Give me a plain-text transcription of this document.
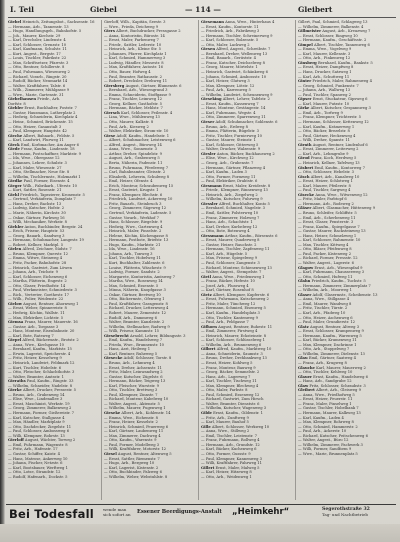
I. Teil	Giebel	— 114 —	Gleibert
Giebel Heinrich, Zeitungsbot., Sachsenstr. 16
— Hermann, Arb., Tannenstr. 13
— Hugo, Handlungsgeh., Bahnhofstr. 5
— Joh., Maurer, Kirchstr. 29
— Karl, Drechsler, Lindenstr. 4
— Karl, Schlosser, Grenzstr. 10
— Karl, Kaufmann, Schulstr. 11
— Kurt, Angest., Bergstr. 17
— Louis, Tischler, Fabrikstr. 22
— Max, Schriftsetzer, Pfarrstr. 3
— Otto, Rentner, Schillerstr. 8
— Paul, Fuhrmann, Wiesenweg 2
— Richard, Vorarb., Ringstr. 20
— Rudolf, Bäcker, Neumarkt 14
— Walter, Kraftfahrer, Talstr. 6
— Wilh., Zimmerer, Mühlgasse 9
— Wwe., Marie, Gartenstr. 31
Giebelhausen Friedr., Arb.
Dorfstr. 8
Giebler Ernst, Buchhalter, Poststr. 7
— Gustav, Hausmann, Lutherplatz 2
— Hedwig, Schneiderin, Kirchplatz 4
— Heinr., Schmied, Brückenstr. 15
— Otto, Heizer, Gasanstalt 3
— Paul, Klempner, Hauptstr. 42
Gieche Albert, Bahnarb., Feldstr. 5
— Karl, Landwirt, Flurweg 11
Gieck Emil, Korbmacher, Am Anger 6
Giede Franz, Kaufm., Lindenstr. 18
— Hermann, Postschaffner, Marktstr. 9
— Ida, Wwe., Obergasse 12
— Johannes, Lehrer, Schulstr. 3
— Karl, Maler, Wiesenstr. 27
— Otto, Stellmacher, Neue Str. 8
— Wilhelm, Tischlermstr., Holzmarkt 1
Giedke Paul, Former, Eisenstr. 4
Gieger Wilh., Fabrikarb., Uferstr. 10
— Kurt, Sattler, Rosenstr. 21
Giehl Friedrich, Tapezierer, Kronenstr. 5
— Gertrud, Verkäuferin, Domplatz 7
— Hans, Dreher, Bachstr. 13
— Ludwig, Kutscher, Hofstr. 2
— Marie, Näherin, Kirchstr. 30
— Oskar, Gärtner, Parkweg 16
— Willi, Mechaniker, Werkstr. 8
Giehler Anton, Buchbinder, Bergstr. 24
— Erich, Friseur, Hauptstr. 53
— Georg, Bauarb., Sandweg 3
— Hermann, Schuhmacher, Langestr. 19
— Robert, Kellner, Marktpl. 5
Gielen Alfred, Zeichner, Südstr. 7
— Bruno, Klempner, Querstr. 12
— Emma, Witwe, Steinweg 4
— Fritz, Packer, Bahnhofstr. 28
— Heinrich, Gastwirt, Zum Löwen
— Johann, Arb., Teichstr. 9
— Karl, Schlosser, Eichenweg 6
— Martha, Plätterin, Engestr. 2
— Otto, Glaser, Friedhofstr. 14
— Paul, Werkmeister, Schmiedestr. 3
— Rich., Vertreter, Goethestr. 17
— Wilh., Polier, Weidenstr. 22
Gielow August, Rentner, Ahornweg 1
— Ernst, Weber, Spinnereistr. 8
— Hedwig, Köchin, Wallstr. 11
— Max, Elektriker, Lichtstr. 5
Giemsa Franz, Maurer, Mauerstr. 16
— Gustav, Arb., Torgasse 3
— Hans, Monteur, Eisenbahnstr. 20
— Karl, Bote, Ratsweg 7
Giepel Alfred, Bäckermstr., Brotstr. 2
— Anna, Wwe., Kirchgasse 10
— Bernhard, Kaufm., Marktstr. 15
— Erwin, Lagerist, Speicherstr. 4
— Fritz, Heizer, Kesselweg 9
— Heinrich, Landwirt, Feldmark 12
— Kurt, Tischler, Hobelstr. 6
— Otto, Fleischer, Schlachthofstr. 3
— Walter, Beamter, Amtsstr. 1
Gieraths Paul, Kaufm., Ringstr. 33
— Wilhelm, Schneider, Nadelstr. 8
Gierke Albert, Drucker, Pressestr. 5
— Bruno, Arb., Grubenweg 14
— Elise, Wwe., Lindenallee 3
— Ernst, Maschinist, Werkstr. 19
— Georg, Zimmerer, Balkenweg 2
— Hermann, Former, Gießereistr. 7
— Karl, Kutscher, Stallgasse 4
— Max, Händler, Marktplatz 9
— Otto, Dachdecker, Ziegelstr. 11
— Paul, Schlosser, Ambossweg 6
— Willi, Klempner, Rohrstr. 13
Gierloff August, Wächter, Torweg 2
— Emil, Fuhrmann, Wagenstr. 8
— Fritz, Arb., Hafenstr. 17
— Gustav, Schiffer, Kaistr. 4
— Hans, Matrose, Ankerweg 10
— Johann, Fischer, Netzstr. 6
— Karl, Bootsbauer, Werftweg 1
— Otto, Lotse, Strandstr. 12
— Rudolf, Hafenarb., Dockstr. 5
Gierloff, Wilh., Kapitän, Seestr. 3
— Wwe., Frieda, Deichweg 9
Giers Albert, Buchdrucker, Pressgasse 2
— Anna, Kontoristin, Bürostr. 14
— Ernst, Maler, Farbenweg 7
— Friedr., Sattler, Lederstr. 10
— Heinrich, Arb., Kleine Str. 5
— Johannes, Pfarrer, Kirchplatz 1
— Karl, Schmied, Hammerweg 3
— Ludwig, Händler, Messestr. 8
— Max, Kraftfahrer, Autostr. 16
— Otto, Bauer, Hofweg 4
— Paul, Beamter, Rathausstr. 2
— Robert, Drechsler, Drehweg 11
Giersberg August, Gärtner, Blumenstr. 6
— Bernhard, Arb., Wiesengrund 3
— Emma, Schneiderin, Stoffgasse 9
— Franz, Tischler, Leimweg 12
— Georg, Kellner, Gasthofstr. 5
— Hermann, Bäcker, Mehlstr. 7
Giersch Karl, Schlosser, Feilenstr. 4
— Lina, Wwe., Mühlenweg 13
— Otto, Maurer, Kalkstr. 8
— Paul, Arb., Kiesweg 2
— Walter, Elektriker, Strom-str. 10
Giese Adolf, Kaufm., Handelsstr. 1
— Albert, Schuhmacher, Leistenweg 6
— Alfred, Angest., Büroweg 14
— Anna, Wwe., Sonnenstr. 3
— Arthur, Dreher, Spindelstr. 9
— August, Arb., Grabenweg 5
— Berta, Näherin, Fadenstr. 11
— Bruno, Fuhrmann, Pferdeweg 7
— Carl, Bahnbeamter, Gleisstr. 2
— Elisabeth, Lehrerin, Schulweg 8
— Emil, Heizer, Ofenstr. 4
— Erich, Monteur, Schraubenweg 15
— Ernst, Gastwirt, Krugstr. 1
— Franz, Klempner, Blechstr. 6
— Friedrich, Landwirt, Ackerweg 10
— Fritz, Bauarb., Steinbruch 3
— Georg, Zimmerer, Sägeweg 12
— Gertrud, Verkäuferin, Ladenstr. 5
— Gustav, Vorarb., Werkhof 7
— Hans, Schlosser, Riegelstr. 9
— Hedwig, Wwe., Gartenweg 4
— Heinrich, Maler, Pinselstr. 2
— Helene, Köchin, Küchengasse 8
— Hermann, Postbote, Briefstr. 13
— Hugo, Kaufm., Marktstr. 21
— Ida, Wwe., Lindenstr. 16
— Johann, Arb., Tonweg 3
— Karl, Tischler, Hobelweg 11
— Kurt, Buchhalter, Zahlenstr. 6
— Louise, Plätterin, Wäschestr. 9
— Ludwig, Former, Sandstr. 2
— Margarete, Kontoristin, Amtsweg 7
— Martha, Wwe., Rosenweg 14
— Max, Schmied, Essenstr. 5
— Minna, Näherin, Knopfgasse 3
— Oskar, Gärtner, Beetweg 10
— Otto, Bäckermstr., Ofenweg 1
— Paul, Kraftfahrer, Garagenstr. 8
— Richard, Drucker, Letternweg 4
— Robert, Maurer, Zementstr. 12
— Rudolf, Arb., Dammweg 6
— Walter, Beamter, Kanzleistr. 2
— Wilhelm, Stellmacher, Radweg 9
— Willi, Friseur, Kammstr. 15
Giesebrecht Arnold, Lehrer, Bildungsstr. 3
— Emil, Kaufm., Handelsweg 7
— Frieda, Wwe., Brunnenstr. 10
— Hans, Arzt, Heilweg 1
— Karl, Rentner, Ruheweg 5
Giesecke Adolf, Schlosser, Torstr. 8
— Bruno, Arb., Lehmweg 4
— Ernst, Dreher, Achsenstr. 11
— Fritz, Maler, Leinwandweg 2
— Gustav, Kutscher, Zügelstr. 6
— Hermann, Bäcker, Teigweg 13
— Karl, Fleischer, Wurststr. 9
— Otto, Tischler, Brettweg 3
— Paul, Klempner, Zinnstr. 7
— Richard, Monteur, Kabelweg 10
— Walter, Angest., Aktenstr. 5
— Wilhelm, Maurer, Fugenweg 1
Gieseke Albert, Arb., Kohlenstr. 14
— Emma, Wwe., Eichenstr. 8
— Franz, Heizer, Kesselstr. 2
— Heinrich, Schmied, Feuerweg 6
— Karl, Gärtner, Laubenweg 11
— Max, Zimmerer, Dachweg 4
— Otto, Kaufm., Warenstr. 9
— Paul, Former, Modellweg 3
— Willi, Kraftfahrer, Motorstr. 12
Giesel August, Rentner, Altenweg 5
— Ernst, Sattler, Riemenstr. 7
— Hugo, Arb., Bergweg 10
— Karl, Lagerist, Kistenstr. 2
— Otto, Buchbinder, Falzweg 6
— Wilhelm, Weber, Webstuhlstr. 8
Giesemann Anna, Wwe., Hinterhaus 4
— Ernst, Kaufm., Kontorstr. 11
— Friedrich, Arb., Fabrikweg 3
— Hermann, Tischler, Schreinerweg 9
— Karl, Schlosser, Bolzenstr. 5
— Otto, Maler, Lackweg 2
Giesen Alfred, Angest., Schreibstr. 7
— Bernhard, Dreher, Wellenweg 13
— Emil, Bauarb., Gerüststr. 4
— Franz, Kutscher, Deichselweg 8
— Georg, Maurer, Mörtelstr. 1
— Heinrich, Gastwirt, Schänkweg 6
— Johann, Schmied, Ambossstr. 10
— Karl, Heizer, Glutweg 3
— Max, Klempner, Lötstr. 12
— Paul, Arb., Karrenweg 5
— Wilhelm, Landwirt, Scheunenweg 9
Gieseking Albert, Lehrer, Tafelstr. 2
— Ernst, Kaufm., Kassenweg 7
— Hans, Monteur, Gestängestr. 14
— Karl, Fuhrmann, Wegstr. 4
— Otto, Zimmerer, Sparrenweg 11
Gieser Adolf, Schuhmacher, Sohlenstr. 6
— Bruno, Arb., Erdweg 8
— Emma, Plätterin, Bügelstr. 3
— Fritz, Tischler, Furnierweg 10
— Gustav, Maurer, Steinstr. 1
— Karl, Schlosser, Gitterweg 5
— Walter, Drucker, Walzenstr. 9
Giesler Anton, Bäcker, Backhausweg 2
— Elise, Wwe., Kirchweg 12
— Georg, Arb., Grubenstr. 7
— Hermann, Gärtner, Pflanzweg 4
— Karl, Kaufm., Laden 3
— Otto, Former, Formweg 11
— Paul, Elektriker, Drahtstr. 6
Giesmann Ernst, Maler, Kreidestr. 8
— Friedr., Klempner, Rinnenweg 13
— Heinrich, Arb., Ziegelweg 2
— Wilhelm, Kutscher, Fuhrweg 9
Giessler Alfred, Buchhalter, Konto 5
— Bernhard, Schmied, Nagelstr. 3
— Emil, Sattler, Polsterweg 10
— Franz, Zimmerer, Holzweg 7
— Hans, Arb., Schachtstr. 1
— Karl, Dreher, Kurbelweg 12
— Otto, Bote, Botenweg 4
Giessmann Arthur, Kaufm., Börsenstr. 6
— Ernst, Maurer, Quaderweg 8
— Gustav, Heizer, Rauchstr. 2
— Hermann, Tischler, Zapfenweg 11
— Karl, Arb., Hügelstr. 5
— Max, Friseur, Spiegelweg 9
— Paul, Schlosser, Zangenstr. 3
— Richard, Monteur, Schienenweg 13
— Walter, Angest., Stempelstr. 7
Gietl Anna, Wwe., Friedensweg 1
— Franz, Bäcker, Hefestr. 10
— Josef, Arb., Flussweg 4
— Karl, Gärtner, Rosenhof 8
Gietz Albert, Klempner, Kupferstr. 6
— Ernst, Fuhrmann, Kutschenweg 2
— Fritz, Maler, Tünchweg 12
— Hermann, Schmied, Eisenweg 5
— Karl, Kaufm., Handelsplatz 3
— Otto, Tischler, Kantenweg 9
— Paul, Arb., Feldgasse 7
Gifhorn August, Rentner, Ruhestr. 11
— Emil, Zimmerer, Firstweg 4
— Heinrich, Maurer, Ecksteinstr. 8
— Karl, Schlosser, Schlüsselweg 1
— Wilhelm, Arb., Brunnenweg 6
Gilbert Alfred, Kaufm., Marktweg 10
— Anna, Schneiderin, Saumstr. 3
— Bruno, Dreher, Drehbankweg 13
— Ernst, Heizer, Kohlweg 5
— Franz, Monteur, Bauweg 9
— Georg, Bäcker, Semmelstr. 2
— Hans, Arb., Lagerweg 7
— Karl, Tischler, Tischweg 11
— Max, Klempner, Blechweg 4
— Otto, Maler, Farbstr. 8
— Paul, Schmied, Essenweg 12
— Richard, Gastwirt, Zum Hirsch
— Walter, Beamter, Dienststr. 6
— Wilhelm, Kutscher, Wagenweg 3
Gilde Ernst, Kaufm., Gildenstr. 1
— Fritz, Arb., Zunftweg 9
— Karl, Maurer, Bauhof 5
Gille Albert, Schlosser, Werkweg 10
— Anna, Wwe., Stillweg 2
— Emil, Tischler, Leistenstr. 7
— Franz, Fuhrmann, Rollweg 4
— Hermann, Arb., Grundstr. 12
— Karl, Bäcker, Kuchenweg 6
— Otto, Former, Gussstr. 9
— Paul, Klempner, Kannenweg 3
— Willi, Kraftfahrer, Fahrweg 11
Gillert Ernst, Maler, Malweg 5
— Karl, Heizer, Hitzeweg 8
— Otto, Arb., Weidenweg 1
Gillert, Paul, Schmied, Schlagweg 13
— Wilhelm, Zimmerer, Balkenstr. 4
Gillmeister August, Arb., Kreuzweg 7
— Ernst, Schlosser, Ringweg 10
— Hermann, Kaufm., Geschäftsstr. 2
Gimpel Albert, Tischler, Tannenweg 6
— Emma, Wwe., Vogelweg 9
— Karl, Maurer, Kellenstr. 3
— Otto, Arb., Finkenweg 12
Ginsberg Bernhard, Kaufm., Bankstr. 5
— Ernst, Heizer, Dampfweg 8
— Hans, Drucker, Satzweg 1
— Karl, Arb., Schuttweg 11
Ginter Friedrich, Maler, Rahmenweg 4
— Georg, Schmied, Funkenstr. 7
— Johann, Arb., Wallweg 13
— Paul, Tischler, Spanweg 2
Gipser Ernst, Stuckateur, Gipsweg 6
— Karl, Maurer, Putzstr. 10
Girke Albert, Kutscher, Gespannweg 3
— Emil, Arb., Torfweg 9
— Franz, Klempner, Trichterstr. 5
— Hermann, Schlosser, Kettenweg 12
— Karl, Kaufm., Krämerweg 1
— Otto, Bäcker, Brezelstr. 8
— Paul, Gärtner, Heckenweg 4
— Willi, Dreher, Spanstr. 11
Girnth August, Rentner, Lindenhof 6
— Ernst, Zimmerer, Leiterweg 2
— Karl, Arb., Lehmgrube 9
Girod Franz, Koch, Herdweg 5
— Heinrich, Kellner, Tafelweg 13
Gisbert Emil, Kaufm., Kontorweg 7
— Otto, Schlosser, Hebelstr. 3
Gisch Albert, Arb., Kanalweg 10
— Ernst, Heizer, Schlotweg 1
— Karl, Maurer, Pfeilerstr. 8
— Paul, Tischler, Sargweg 4
Gisecke Anna, Wwe., Witwenweg 12
— Fritz, Maler, Farbtopf 6
— Hermann, Arb., Rodeweg 2
Gläser Albert, Glasmacher, Hüttenweg 9
— Bruno, Schleifer, Schliffstr. 5
— Emil, Arb., Scherbenweg 11
— Ernst, Glaser, Fensterstr. 3
— Franz, Kaufm., Spiegelgasse 7
— Gustav, Maurer, Backsteinweg 13
— Hans, Heizer, Schmelzweg 1
— Karl, Schlosser, Rahmenstr. 10
— Max, Tischler, Kittweg 4
— Otto, Bläser, Pfeifenweg 8
— Paul, Packer, Kistenweg 2
— Richard, Former, Pressstr. 12
— Walter, Angest., Lagerstr. 6
Glagow Ernst, Arb., Wiesenpfad 9
— Karl, Fuhrmann, Chausseeweg 3
— Otto, Schmied, Hufweg 11
Glahn Friedrich, Kaufm., Tuchstr. 5
— Hermann, Zimmerer, Zimmerplatz 7
— Wilhelm, Arb., Moorweg 1
Glaser Adolf, Glasermstr., Scheibenstr. 13
— Anna, Wwe., Stillgasse 4
— Emil, Maurer, Wandweg 8
— Fritz, Tischler, Türstr. 2
— Karl, Arb., Pfadweg 10
— Otto, Heizer, Aschenweg 6
— Paul, Maler, Grundierstr. 12
Glatz August, Rentner, Altweg 3
— Ernst, Schlosser, Krampenweg 9
— Hermann, Kaufm., Warenweg 5
— Karl, Bäcker, Krumenweg 11
— Max, Klempner, Dachrinne 1
— Otto, Arb., Stoppelweg 7
— Wilhelm, Zimmerer, Dielenstr. 13
Glau Emil, Gärtner, Saatweg 4
— Franz, Arb., Krugweg 8
Glauche Karl, Maurer, Mauerweg 2
— Otto, Tischler, Kehlweg 10
Glauer Ernst, Kaufm., Handelsweg 6
— Hans, Arb., Sandgrube 12
Glaw Fritz, Schlosser, Schraubstr. 3
Gleibert Albert, Arb., Gleisweg 9
— Anna, Wwe., Friedhofweg 5
— Ernst, Heizer, Feuerstr. 11
— Franz, Maler, Pinselweg 1
— Gustav, Tischler, Hobelbank 7
— Hermann, Maurer, Kalkweg 13
— Karl, Kaufm., Laden 4
— Max, Klempner, Rohrweg 8
— Otto, Schmied, Hammerstr. 2
— Paul, Arb., Ackerstr. 10
— Richard, Kutscher, Peitschenweg 6
— Walter, Angest., Büro 12
— Wilhelm, Zimmerer, Fachwerk 3
— Willi, Former, Sandform 9
— Wwe., Marie, Brunnenplatz 5
Bei Todesfall wende man sich sofort an	Essener Beerdigungs-Anstalt „Heimkehr“	Segerothstraße 32
Tag- und Nachtbetrieb
